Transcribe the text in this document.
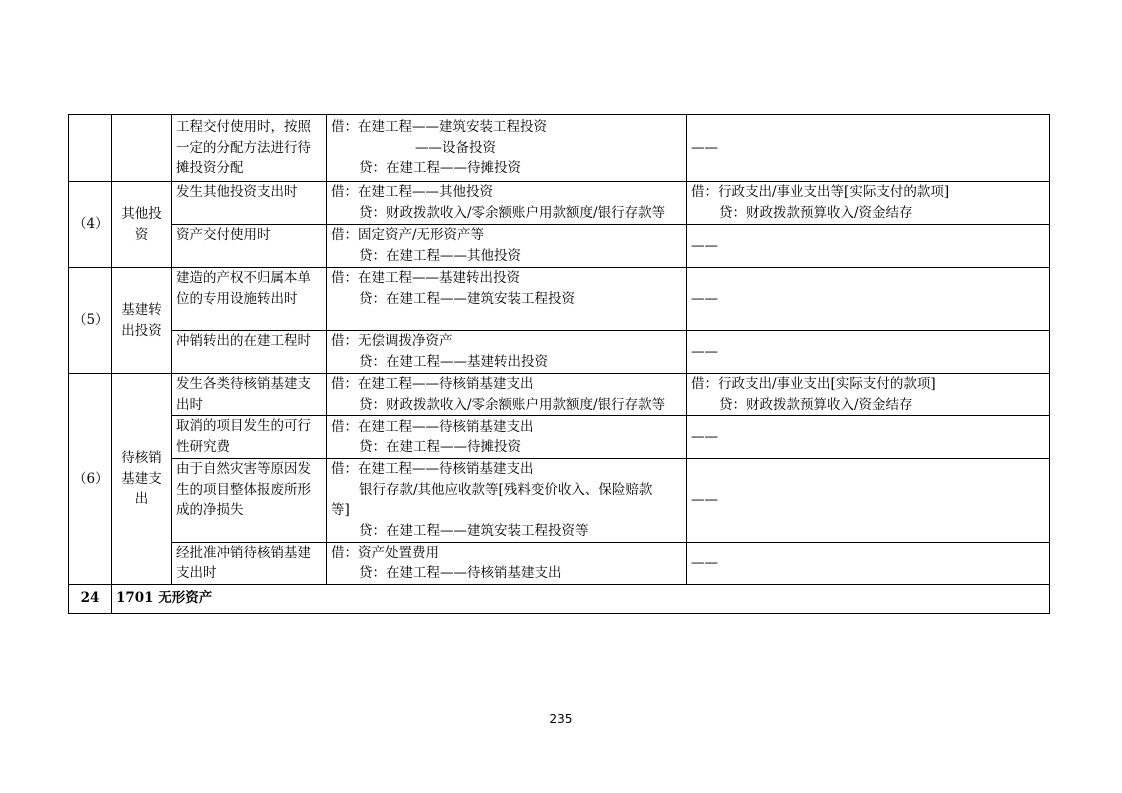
		工程交付使用时，按照一定的分配方法进行待摊投资分配	借：在建工程——建筑安装工程投资
——设备投资
贷：在建工程——待摊投资	——

（4）	其他投资	发生其他投资支出时	借：在建工程——其他投资
贷：财政拨款收入/零余额账户用款额度/银行存款等	借：行政支出/事业支出等[实际支付的款项]
贷：财政拨款预算收入/资金结存

		资产交付使用时	借：固定资产/无形资产等
贷：在建工程——其他投资	——

（5）	基建转出投资	建造的产权不归属本单位的专用设施转出时	借：在建工程——基建转出投资
贷：在建工程——建筑安装工程投资	——

		冲销转出的在建工程时	借：无偿调拨净资产
贷：在建工程——基建转出投资	——

（6）	待核销基建支出	发生各类待核销基建支出时	借：在建工程——待核销基建支出
贷：财政拨款收入/零余额账户用款额度/银行存款等	借：行政支出/事业支出[实际支付的款项]
贷：财政拨款预算收入/资金结存

		取消的项目发生的可行性研究费	借：在建工程——待核销基建支出
贷：在建工程——待摊投资	——

		由于自然灾害等原因发生的项目整体报废所形成的净损失	借：在建工程——待核销基建支出
银行存款/其他应收款等[残料变价收入、保险赔款
等]
贷：在建工程——建筑安装工程投资等	——

		经批准冲销待核销基建支出时	借：资产处置费用
贷：在建工程——待核销基建支出	——

24	1701 无形资产			
235
